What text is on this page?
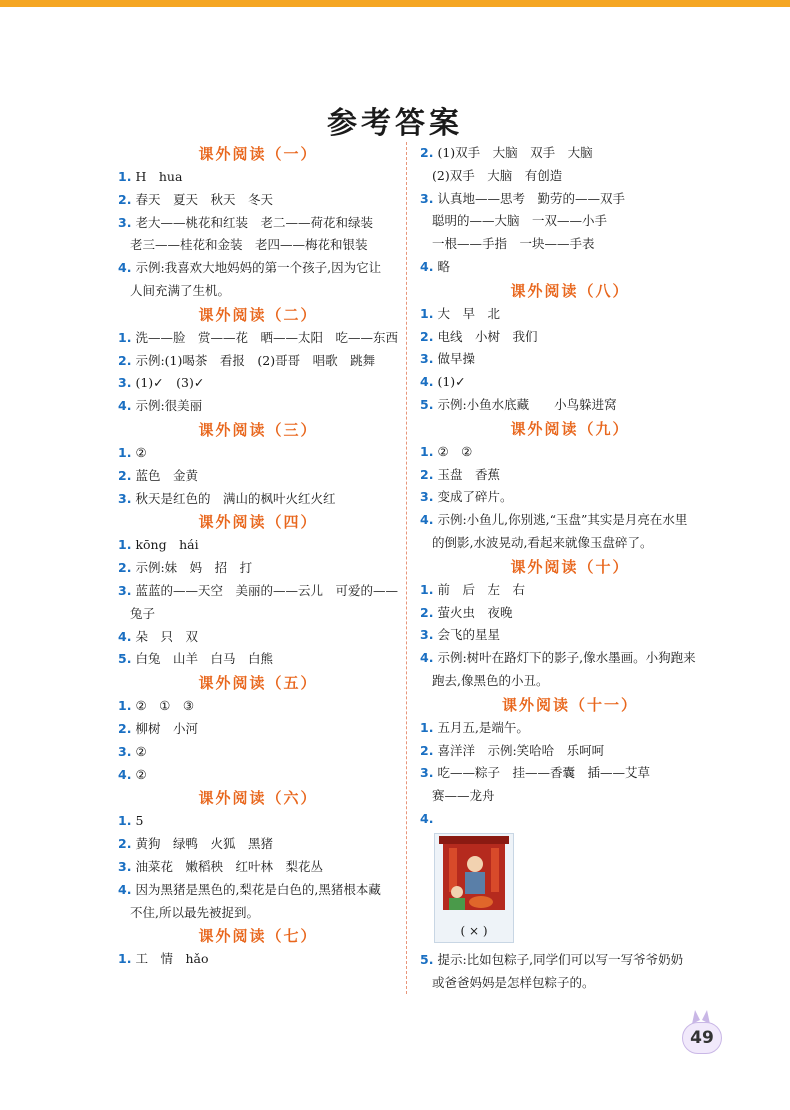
参考答案
课外阅读（一）
1. H　hua
2. 春天　夏天　秋天　冬天
3. 老大——桃花和红装　老二——荷花和绿装
老三——桂花和金装　老四——梅花和银装
4. 示例:我喜欢大地妈妈的第一个孩子,因为它让
人间充满了生机。
课外阅读（二）
1. 洗——脸　赏——花　晒——太阳　吃——东西
2. 示例:(1)喝茶　看报　(2)哥哥　唱歌　跳舞
3. (1)✓　(3)✓
4. 示例:很美丽
课外阅读（三）
1. ②
2. 蓝色　金黄
3. 秋天是红色的　满山的枫叶火红火红
课外阅读（四）
1. kōng　hái
2. 示例:妹　妈　招　打
3. 蓝蓝的——天空　美丽的——云儿　可爱的——
兔子
4. 朵　只　双
5. 白兔　山羊　白马　白熊
课外阅读（五）
1. ②　①　③
2. 柳树　小河
3. ②
4. ②
课外阅读（六）
1. 5
2. 黄狗　绿鸭　火狐　黑猪
3. 油菜花　嫩稻秧　红叶林　梨花丛
4. 因为黑猪是黑色的,梨花是白色的,黑猪根本藏
不住,所以最先被捉到。
课外阅读（七）
1. 工　情　hǎo
2. (1)双手　大脑　双手　大脑
(2)双手　大脑　有创造
3. 认真地——思考　勤劳的——双手
聪明的——大脑　一双——小手
一根——手指　一块——手表
4. 略
课外阅读（八）
1. 大　早　北
2. 电线　小树　我们
3. 做早操
4. (1)✓
5. 示例:小鱼水底藏　　小鸟躲进窝
课外阅读（九）
1. ②　②
2. 玉盘　香蕉
3. 变成了碎片。
4. 示例:小鱼儿,你别逃,“玉盘”其实是月亮在水里
的倒影,水波晃动,看起来就像玉盘碎了。
课外阅读（十）
1. 前　后　左　右
2. 萤火虫　夜晚
3. 会飞的星星
4. 示例:树叶在路灯下的影子,像水墨画。小狗跑来
跑去,像黑色的小丑。
课外阅读（十一）
1. 五月五,是端午。
2. 喜洋洋　示例:笑哈哈　乐呵呵
3. 吃——粽子　挂——香囊　插——艾草
赛——龙舟
4.
( × )
5. 提示:比如包粽子,同学们可以写一写爷爷奶奶
或爸爸妈妈是怎样包粽子的。
49
